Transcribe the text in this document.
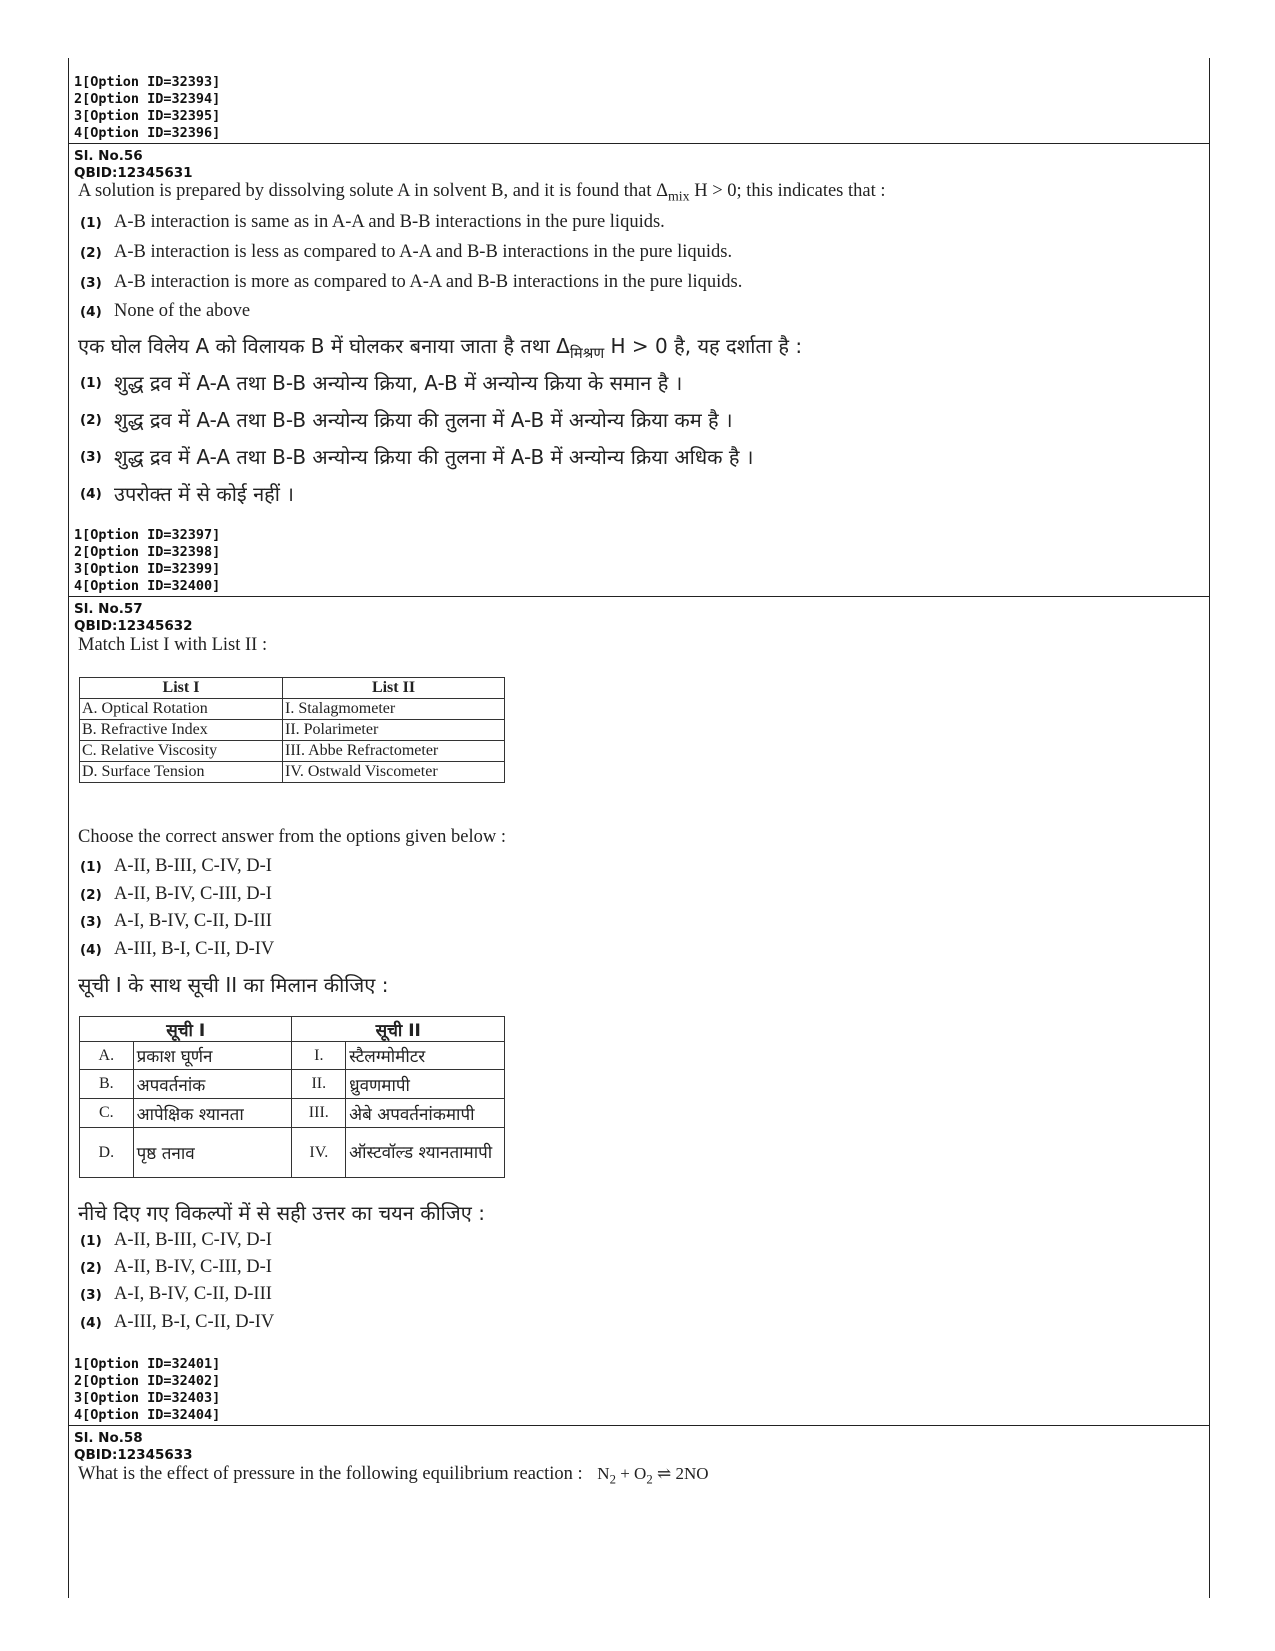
1[Option ID=32393]
2[Option ID=32394]
3[Option ID=32395]
4[Option ID=32396]
Sl. No.56
QBID:12345631
A solution is prepared by dissolving solute A in solvent B, and it is found that $\Delta_{mix}$ H > 0; this indicates that :
(1) A-B interaction is same as in A-A and B-B interactions in the pure liquids.
(2) A-B interaction is less as compared to A-A and B-B interactions in the pure liquids.
(3) A-B interaction is more as compared to A-A and B-B interactions in the pure liquids.
(4) None of the above
एक घोल विलेय A को विलायक B में घोलकर बनाया जाता है तथा $\Delta_{मिश्रण}$ H > 0 है, यह दर्शाता है :
(1) शुद्ध द्रव में A-A तथा B-B अन्योन्य क्रिया, A-B में अन्योन्य क्रिया के समान है ।
(2) शुद्ध द्रव में A-A तथा B-B अन्योन्य क्रिया की तुलना में A-B में अन्योन्य क्रिया कम है ।
(3) शुद्ध द्रव में A-A तथा B-B अन्योन्य क्रिया की तुलना में A-B में अन्योन्य क्रिया अधिक है ।
(4) उपरोक्त में से कोई नहीं ।
1[Option ID=32397]
2[Option ID=32398]
3[Option ID=32399]
4[Option ID=32400]
Sl. No.57
QBID:12345632
Match List I with List II :
List I	List II
A. Optical Rotation	I. Stalagmometer
B. Refractive Index	II. Polarimeter
C. Relative Viscosity	III. Abbe Refractometer
D. Surface Tension	IV. Ostwald Viscometer
Choose the correct answer from the options given below :
(1) A-II, B-III, C-IV, D-I
(2) A-II, B-IV, C-III, D-I
(3) A-I, B-IV, C-II, D-III
(4) A-III, B-I, C-II, D-IV
सूची I के साथ सूची II का मिलान कीजिए :
सूची I		सूची II	
A.	प्रकाश घूर्णन	I.	स्टैलग्मोमीटर
B.	अपवर्तनांक	II.	ध्रुवणमापी
C.	आपेक्षिक श्यानता	III.	अेबे अपवर्तनांकमापी
D.	पृष्ठ तनाव	IV.	ऑस्टवॉल्ड श्यानतामापी
नीचे दिए गए विकल्पों में से सही उत्तर का चयन कीजिए :
(1) A-II, B-III, C-IV, D-I
(2) A-II, B-IV, C-III, D-I
(3) A-I, B-IV, C-II, D-III
(4) A-III, B-I, C-II, D-IV
1[Option ID=32401]
2[Option ID=32402]
3[Option ID=32403]
4[Option ID=32404]
Sl. No.58
QBID:12345633
What is the effect of pressure in the following equilibrium reaction : $N_2 + O_2$ ⇌ 2NO
